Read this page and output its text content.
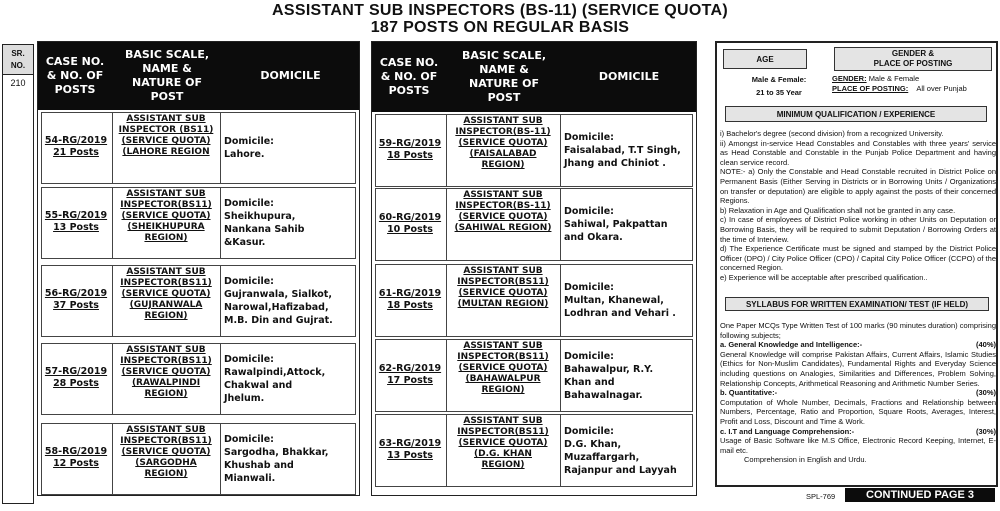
ASSISTANT SUB INSPECTORS (BS-11) (SERVICE QUOTA)
187 POSTS ON REGULAR BASIS
SR.
NO.
210
CASE NO.
& NO. OF
POSTS
BASIC SCALE,
NAME &
NATURE OF
POST
DOMICILE
54-RG/2019
21 Posts
ASSISTANT SUB
INSPECTOR (BS11)
(SERVICE QUOTA)
(LAHORE REGION
Domicile:
Lahore.
55-RG/2019
13 Posts
ASSISTANT SUB
INSPECTOR(BS11)
(SERVICE QUOTA)
(SHEIKHUPURA
REGION)
Domicile:
Sheikhupura,
Nankana Sahib
&Kasur.
56-RG/2019
37 Posts
ASSISTANT SUB
INSPECTOR(BS11)
(SERVICE QUOTA)
(GUJRANWALA
REGION)
Domicile:
Gujranwala, Sialkot,
Narowal,Hafizabad,
M.B. Din and Gujrat.
57-RG/2019
28 Posts
ASSISTANT SUB
INSPECTOR(BS11)
(SERVICE QUOTA)
(RAWALPINDI
REGION)
Domicile:
Rawalpindi,Attock,
Chakwal and
Jhelum.
58-RG/2019
12 Posts
ASSISTANT SUB
INSPECTOR(BS11)
(SERVICE QUOTA)
(SARGODHA
REGION)
Domicile:
Sargodha, Bhakkar,
Khushab and
Mianwali.
CASE NO.
& NO. OF
POSTS
BASIC SCALE,
NAME &
NATURE OF
POST
DOMICILE
59-RG/2019
18 Posts
ASSISTANT SUB
INSPECTOR(BS-11)
(SERVICE QUOTA)
(FAISALABAD
REGION)
Domicile:
Faisalabad, T.T Singh,
Jhang and Chiniot .
60-RG/2019
10 Posts
ASSISTANT SUB
INSPECTOR(BS-11)
(SERVICE QUOTA)
(SAHIWAL REGION)
Domicile:
Sahiwal, Pakpattan
and Okara.
61-RG/2019
18 Posts
ASSISTANT SUB
INSPECTOR(BS11)
(SERVICE QUOTA)
(MULTAN REGION)
Domicile:
Multan, Khanewal,
Lodhran and Vehari .
62-RG/2019
17 Posts
ASSISTANT SUB
INSPECTOR(BS11)
(SERVICE QUOTA)
(BAHAWALPUR
REGION)
Domicile:
Bahawalpur, R.Y.
Khan and
Bahawalnagar.
63-RG/2019
13 Posts
ASSISTANT SUB
INSPECTOR(BS11)
(SERVICE QUOTA)
(D.G. KHAN
REGION)
Domicile:
D.G. Khan,
Muzaffargarh,
Rajanpur and Layyah
AGE
GENDER &
PLACE OF POSTING
Male & Female:
21 to 35 Year
GENDER: Male & Female
PLACE OF POSTING: All over Punjab
MINIMUM QUALIFICATION / EXPERIENCE

i) Bachelor's degree (second division) from a recognized University.

ii) Amongst in-service Head Constables and Constables with three years' service as Head Constable and Constable in the Punjab Police Department and having clean service record.

NOTE:- a) Only the Constable and Head Constable recruited in District Police on Permanent Basis (Either Serving in Districts or in Borrowing Units / Organizations on transfer or deputation) are eligible to apply against the posts of their concerned Regions.

b) Relaxation in Age and Qualification shall not be granted in any case.

c) In case of employees of District Police working in other Units on Deputation or Borrowing Basis, they will be required to submit Deputation / Borrowing Orders at the time of Interview.

d) The Experience Certificate must be signed and stamped by the District Police Officer (DPO) / City Police Officer (CPO) / Capital City Police Officer (CCPO) of the concerned Region.

e) Experience will be acceptable after prescribed qualification..

SYLLABUS FOR WRITTEN EXAMINATION/ TEST (IF HELD)

One Paper MCQs Type Written Test of 100 marks (90 minutes duration) comprising following subjects;

a. General Knowledge and Intelligence:-	(40%)

General Knowledge will comprise Pakistan Affairs, Current Affairs, Islamic Studies (Ethics for Non-Muslim Candidates), Fundamental Rights and Everyday Science including questions on Analogies, Similarities and Differences, Problem Solving, Relationship Concepts, Arithmetical Reasoning and Arithmetic Number Series.

b. Quantitative:-	(30%)

Computation of Whole Number, Decimals, Fractions and Relationship between Numbers, Percentage, Ratio and Proportion, Square Roots, Averages, Interest, Profit and Loss, Discount and Time & Work.

c. I.T and Language Comprehension:-	(30%)

Usage of Basic Software like M.S Office, Electronic Record Keeping, Internet, E-mail etc.

Comprehension in English and Urdu.

SPL-769	CONTINUED PAGE 3
